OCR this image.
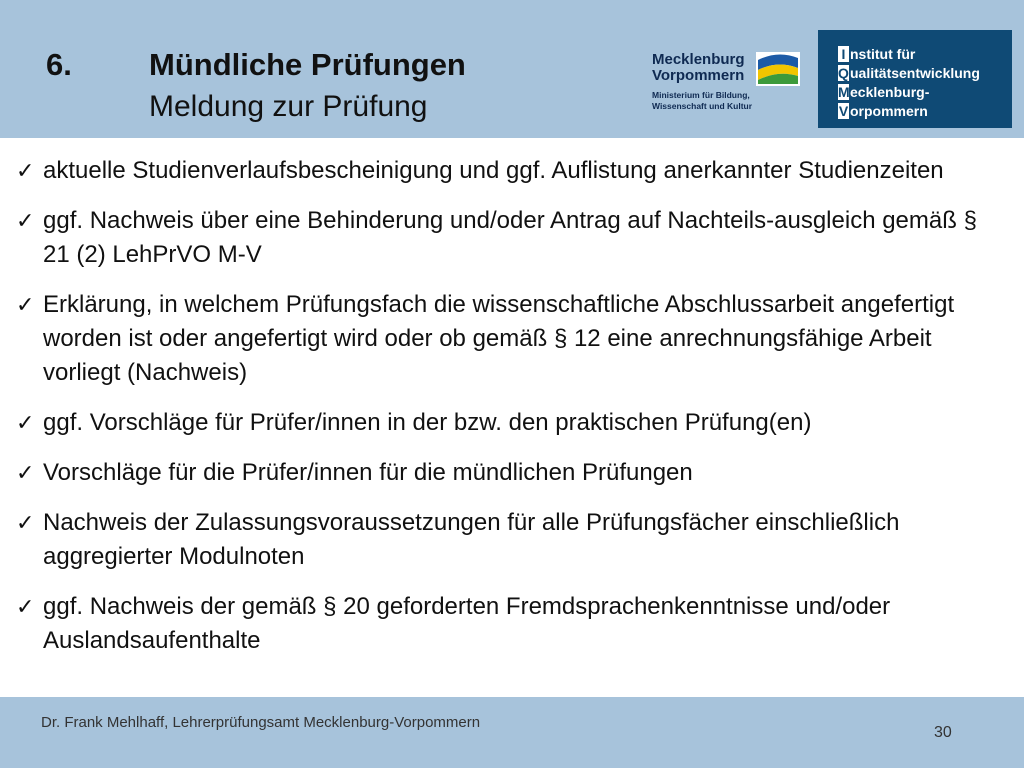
6. Mündliche Prüfungen
Meldung zur Prüfung
Mecklenburg
Vorpommern
Ministerium für Bildung,
Wissenschaft und Kultur
I nstitut für
Qualitätsentwicklung
Mecklenburg-
V orpommern
✓ aktuelle Studienverlaufsbescheinigung und ggf. Auflistung anerkannter Studienzeiten
✓ ggf. Nachweis über eine Behinderung und/oder Antrag auf Nachteils-ausgleich gemäß § 21 (2) LehPrVO M-V
✓ Erklärung, in welchem Prüfungsfach die wissenschaftliche Abschlussarbeit angefertigt worden ist oder angefertigt wird oder ob gemäß § 12 eine anrechnungsfähige Arbeit vorliegt (Nachweis)
✓ ggf. Vorschläge für Prüfer/innen in der bzw. den praktischen Prüfung(en)
✓ Vorschläge für die Prüfer/innen für die mündlichen Prüfungen
✓ Nachweis der Zulassungsvoraussetzungen für alle Prüfungsfächer einschließlich aggregierter Modulnoten
✓ ggf. Nachweis der gemäß § 20 geforderten Fremdsprachenkenntnisse und/oder Auslandsaufenthalte
Dr. Frank Mehlhaff, Lehrerprüfungsamt Mecklenburg-Vorpommern
30
